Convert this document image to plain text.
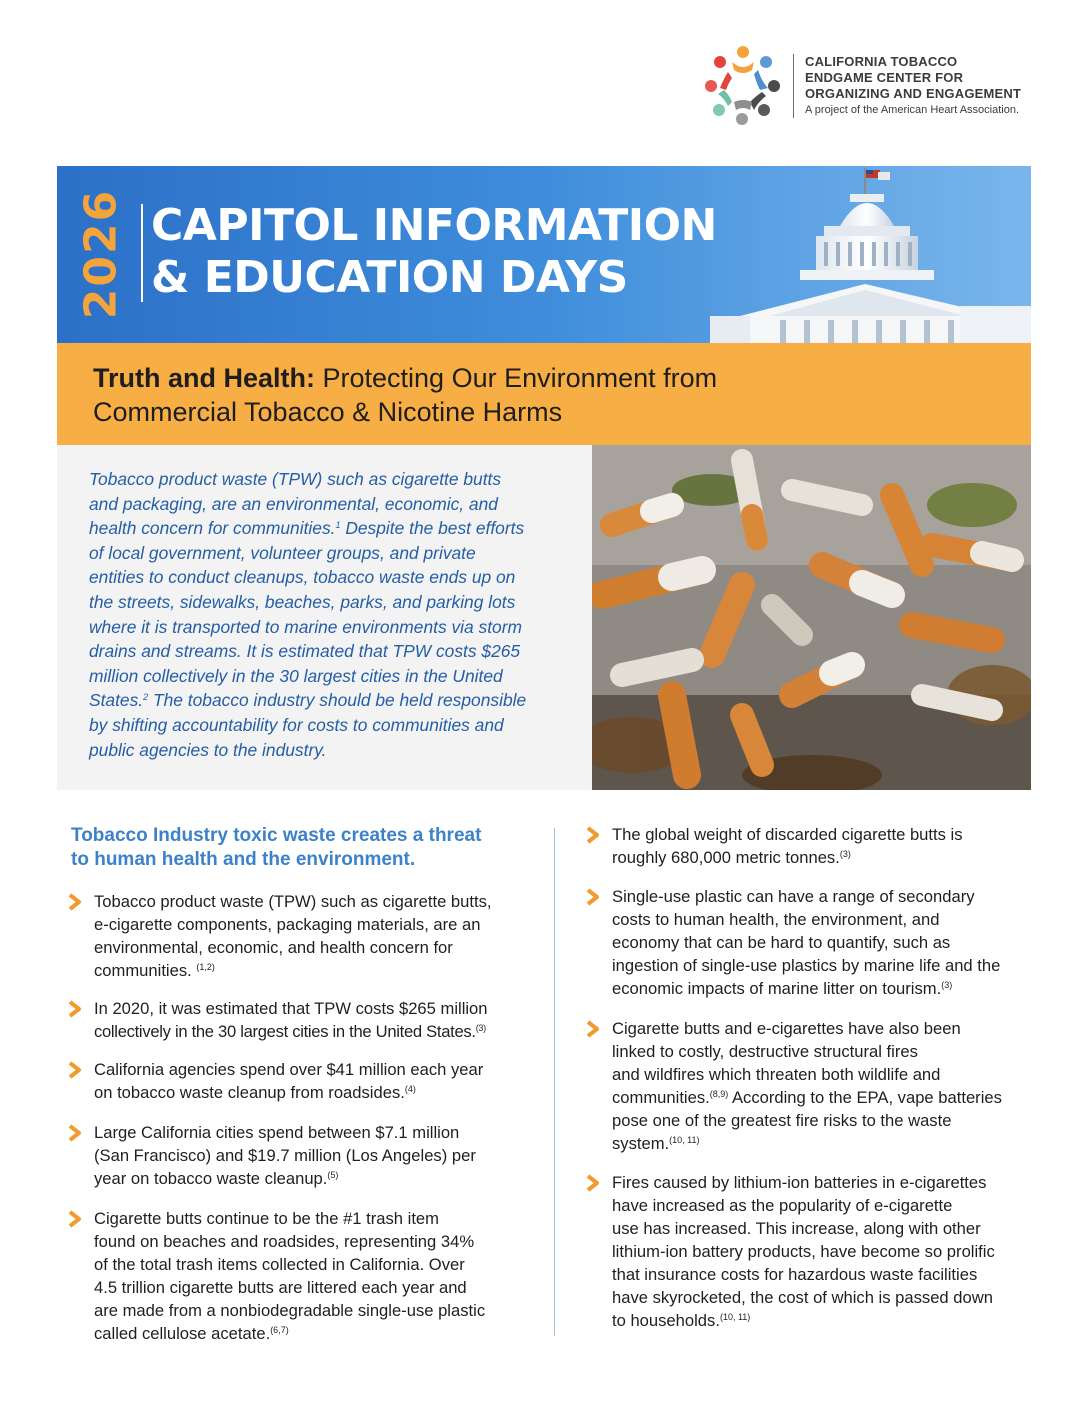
CALIFORNIA TOBACCO
ENDGAME CENTER FOR
ORGANIZING AND ENGAGEMENT
A project of the American Heart Association.
2026 CAPITOL INFORMATION
& EDUCATION DAYS
Truth and Health: Protecting Our Environment from
Commercial Tobacco & Nicotine Harms
Tobacco product waste (TPW) such as cigarette butts
and packaging, are an environmental, economic, and
health concern for communities.$^1$ Despite the best efforts
of local government, volunteer groups, and private
entities to conduct cleanups, tobacco waste ends up on
the streets, sidewalks, beaches, parks, and parking lots
where it is transported to marine environments via storm
drains and streams. It is estimated that TPW costs $265
million collectively in the 30 largest cities in the United
States.$^2$ The tobacco industry should be held responsible
by shifting accountability for costs to communities and
public agencies to the industry.
Tobacco Industry toxic waste creates a threat
to human health and the environment.
Tobacco product waste (TPW) such as cigarette butts,
e-cigarette components, packaging materials, are an
environmental, economic, and health concern for
communities. $^{(1,2)}$
In 2020, it was estimated that TPW costs $265 million
collectively in the 30 largest cities in the United States.$^{(3)}$
California agencies spend over $41 million each year
on tobacco waste cleanup from roadsides.$^{(4)}$
Large California cities spend between $7.1 million
(San Francisco) and $19.7 million (Los Angeles) per
year on tobacco waste cleanup.$^{(5)}$
Cigarette butts continue to be the #1 trash item
found on beaches and roadsides, representing 34%
of the total trash items collected in California. Over
4.5 trillion cigarette butts are littered each year and
are made from a nonbiodegradable single-use plastic
called cellulose acetate.$^{(6,7)}$
The global weight of discarded cigarette butts is
roughly 680,000 metric tonnes.$^{(3)}$
Single-use plastic can have a range of secondary
costs to human health, the environment, and
economy that can be hard to quantify, such as
ingestion of single-use plastics by marine life and the
economic impacts of marine litter on tourism.$^{(3)}$
Cigarette butts and e-cigarettes have also been
linked to costly, destructive structural fires
and wildfires which threaten both wildlife and
communities.$^{(8,9)}$ According to the EPA, vape batteries
pose one of the greatest fire risks to the waste
system.$^{(10, 11)}$
Fires caused by lithium-ion batteries in e-cigarettes
have increased as the popularity of e-cigarette
use has increased. This increase, along with other
lithium-ion battery products, have become so prolific
that insurance costs for hazardous waste facilities
have skyrocketed, the cost of which is passed down
to households.$^{(10, 11)}$
